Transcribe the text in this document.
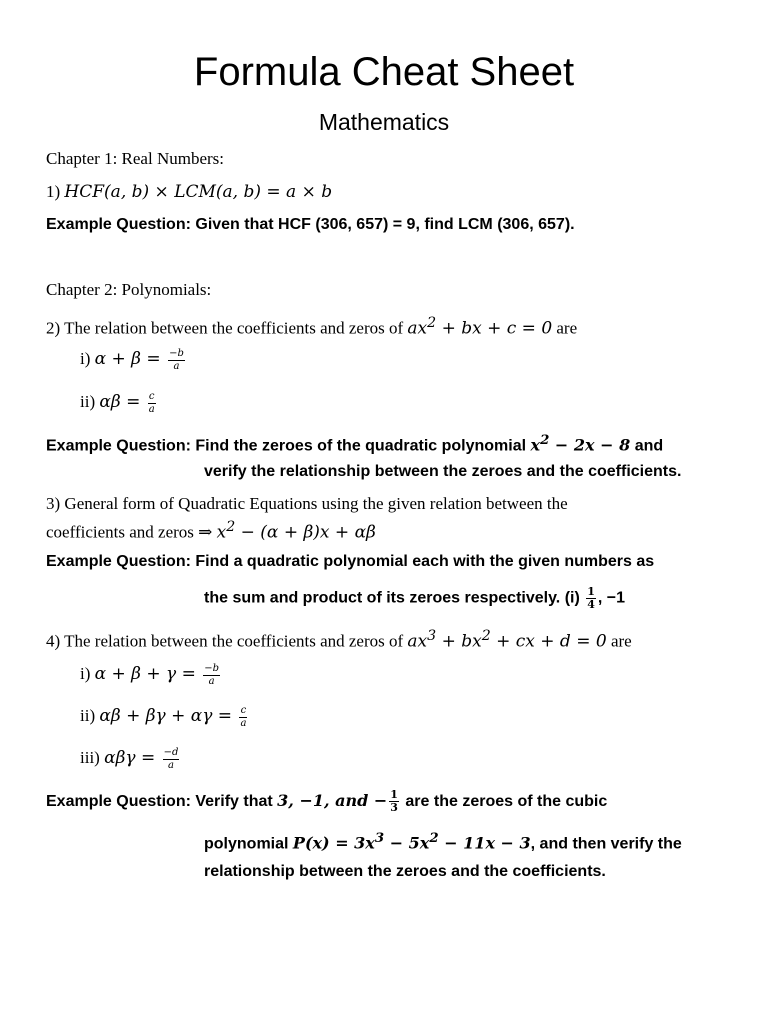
Formula Cheat Sheet
Mathematics
Chapter 1: Real Numbers:
1) HCF(a, b) × LCM(a, b) = a × b
Example Question: Given that HCF (306, 657) = 9, find LCM (306, 657).
Chapter 2: Polynomials:
2) The relation between the coefficients and zeros of $ax^2$ + bx + c = 0 are
i) $\alpha + \beta = \frac{-b}{a}$
ii) $\alpha\beta = \frac{c}{a}$
Example Question: Find the zeroes of the quadratic polynomial $x^2 - 2x - 8$ and
verify the relationship between the zeroes and the coefficients.
3) General form of Quadratic Equations using the given relation between the
coefficients and zeros ⇒ $x^2 - (\alpha + \beta)x + \alpha\beta$
Example Question: Find a quadratic polynomial each with the given numbers as
the sum and product of its zeroes respectively. $(i) \frac{1}{4}$ , −1
4) The relation between the coefficients and zeros of $ax^3 + bx^2$ + cx + d = 0 are
i) $\alpha + \beta + \gamma = \frac{-b}{a}$
ii) $\alpha\beta + \beta\gamma + \alpha\gamma = \frac{c}{a}$
iii) $\alpha\beta\gamma = \frac{-d}{a}$
Example Question: Verify that 3, −1, and − $\frac{1}{3}$ are the zeroes of the cubic
polynomial $P(x) = 3x^3 - 5x^2 - 11x - 3$, and then verify the
relationship between the zeroes and the coefficients.
